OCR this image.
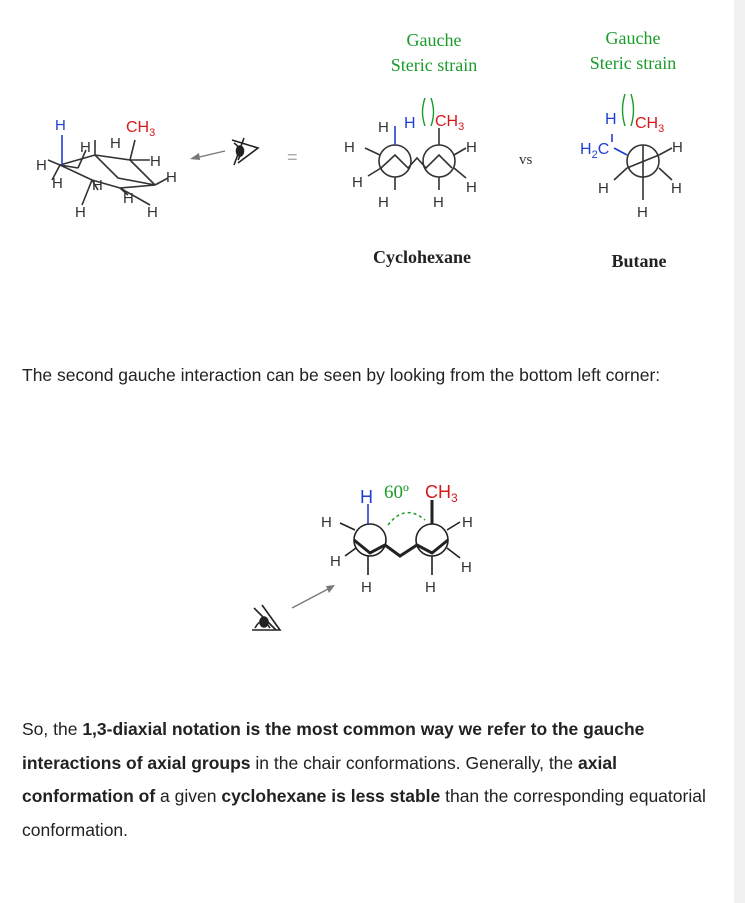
H	$CH_3$
H H
H
H
H H
H
H
H	H
=
Gauche
Steric strain
Gauche
Steric strain
H H $CH_3$
H	H
H	H
H	H
vs
H $CH_3$
$H_2C$	H
H	H
H
Cyclohexane	Butane
The second gauche interaction can be seen by looking from the bottom left corner:
H 60º $CH_3$
H	H
H	H
H	H
So, the 1,3-diaxial notation is the most common way we refer to the gauche interactions of axial groups in the chair conformations. Generally, the axial conformation of a given cyclohexane is less stable than the corresponding equatorial conformation.
